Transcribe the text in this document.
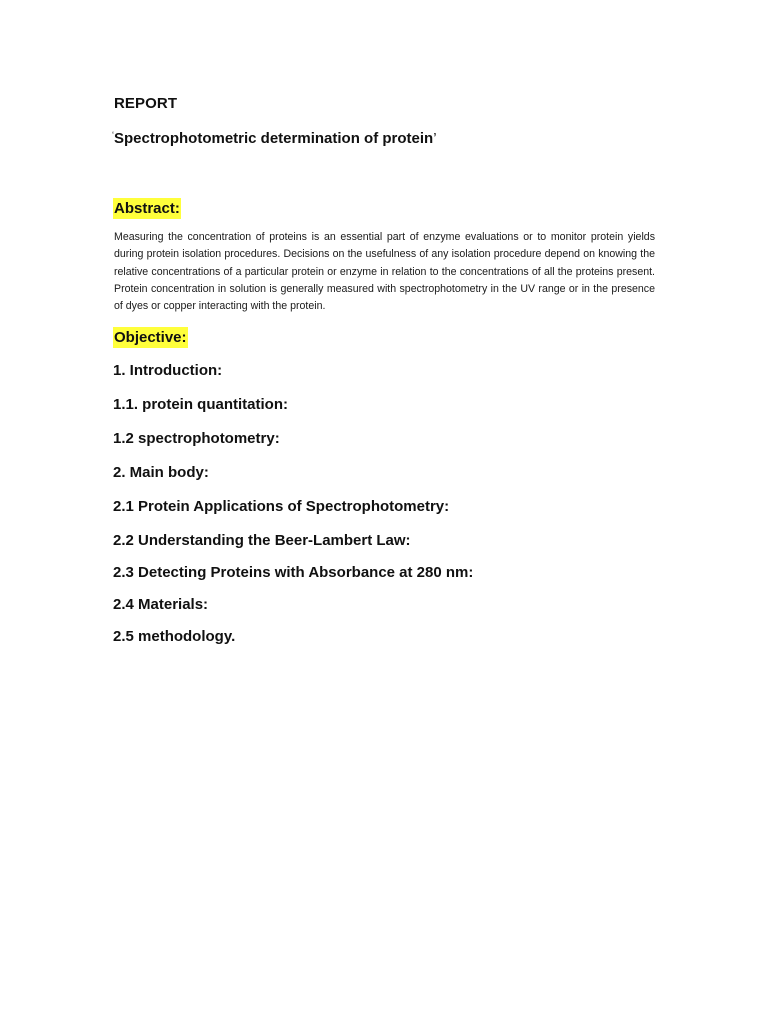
REPORT
‘Spectrophotometric determination of protein’
Abstract:
Measuring the concentration of proteins is an essential part of enzyme evaluations or to monitor protein yields during protein isolation procedures. Decisions on the usefulness of any isolation procedure depend on knowing the relative concentrations of a particular protein or enzyme in relation to the concentrations of all the proteins present. Protein concentration in solution is generally measured with spectrophotometry in the UV range or in the presence of dyes or copper interacting with the protein.
Objective:
1. Introduction:
1.1. protein quantitation:
1.2 spectrophotometry:
2. Main body:
2.1 Protein Applications of Spectrophotometry:
2.2 Understanding the Beer-Lambert Law:
2.3 Detecting Proteins with Absorbance at 280 nm:
2.4 Materials:
2.5 methodology.
